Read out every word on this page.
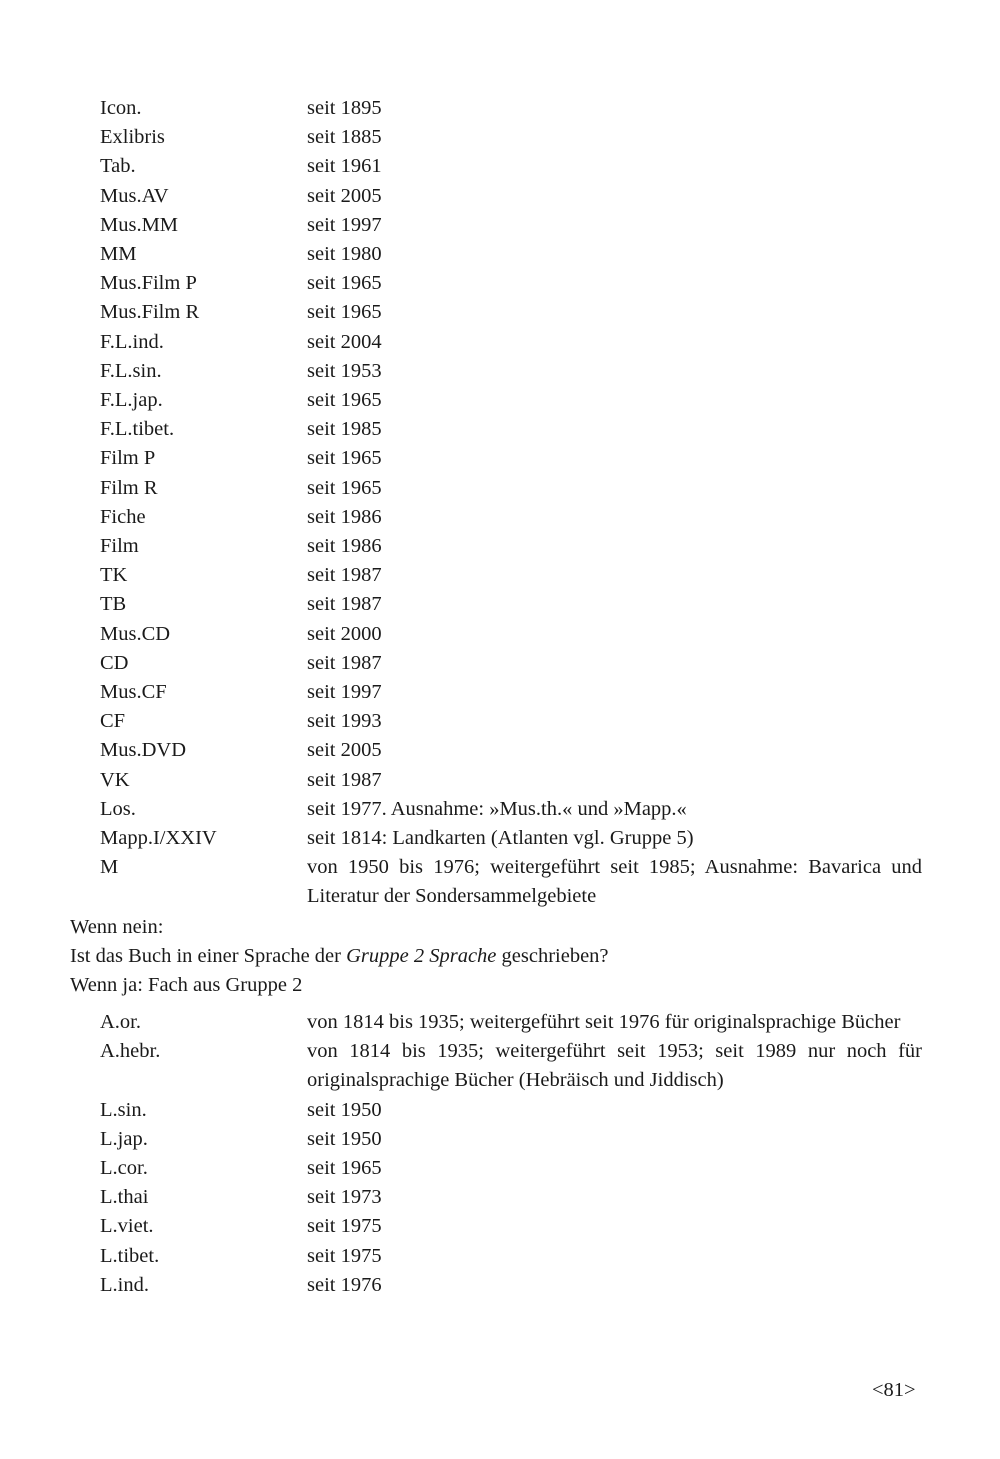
Icon.	seit 1895
Exlibris	seit 1885
Tab.	seit 1961
Mus.AV	seit 2005
Mus.MM	seit 1997
MM	seit 1980
Mus.Film P	seit 1965
Mus.Film R	seit 1965
F.L.ind.	seit 2004
F.L.sin.	seit 1953
F.L.jap.	seit 1965
F.L.tibet.	seit 1985
Film P	seit 1965
Film R	seit 1965
Fiche	seit 1986
Film	seit 1986
TK	seit 1987
TB	seit 1987
Mus.CD	seit 2000
CD	seit 1987
Mus.CF	seit 1997
CF	seit 1993
Mus.DVD	seit 2005
VK	seit 1987
Los.	seit 1977. Ausnahme: »Mus.th.« und »Mapp.«
Mapp.I/XXIV	seit 1814: Landkarten (Atlanten vgl. Gruppe 5)
M	von 1950 bis 1976; weitergeführt seit 1985; Ausnahme: Bavarica und Literatur der Sondersammelgebiete
Wenn nein:
Ist das Buch in einer Sprache der Gruppe 2 Sprache geschrieben?
Wenn ja: Fach aus Gruppe 2
A.or.	von 1814 bis 1935; weitergeführt seit 1976 für originalsprachige Bücher
A.hebr.	von 1814 bis 1935; weitergeführt seit 1953; seit 1989 nur noch für originalsprachige Bücher (Hebräisch und Jiddisch)
L.sin.	seit 1950
L.jap.	seit 1950
L.cor.	seit 1965
L.thai	seit 1973
L.viet.	seit 1975
L.tibet.	seit 1975
L.ind.	seit 1976
<81>
